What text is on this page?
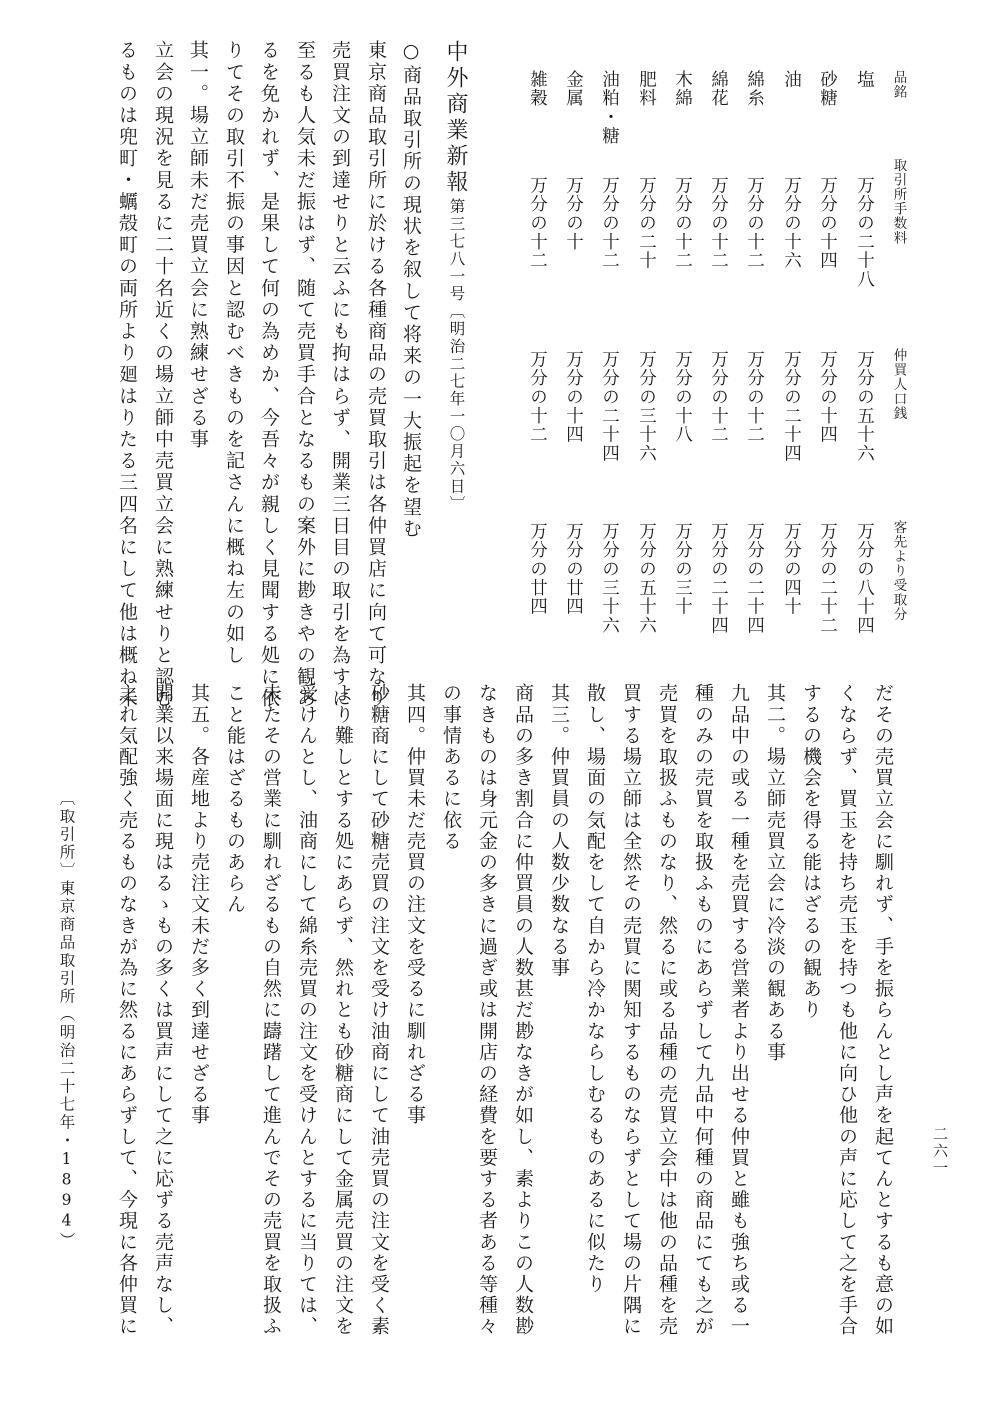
品銘
取引所手数料
仲買人口銭
客先より受取分
塩
万分の二十八
万分の五十六
万分の八十四
砂糖
万分の十四
万分の十四
万分の二十二
油
万分の十六
万分の二十四
万分の四十
綿糸
万分の十二
万分の十二
万分の二十四
綿花
万分の十二
万分の十二
万分の二十四
木綿
万分の十二
万分の十八
万分の三十
肥料
万分の二十
万分の三十六
万分の五十六
油粕・糖
万分の十二
万分の二十四
万分の三十六
金属
万分の十
万分の十四
万分の廿四
雑穀
万分の十二
万分の十二
万分の廿四
中外商業新報
第三七八一号〔明治二七年一〇月六日〕
○商品取引所の現状を叙して将来の一大振起を望む
東京商品取引所に於ける各種商品の売買取引は各仲買店に向て可なり
売買注文の到達せりと云ふにも拘はらず、開業三日目の取引を為すに
至るも人気未だ振はず、随て売買手合となるもの案外に尠きやの観あ
るを免かれず、是果して何の為めか、今吾々が親しく見聞する処に依
りてその取引不振の事因と認むべきものを記さんに概ね左の如し
其一。場立師未だ売買立会に熟練せざる事
立会の現況を見るに二十名近くの場立師中売買立会に熟練せりと認む
るものは兜町・蠣殻町の両所より廻はりたる三四名にして他は概ね未
〔取引所〕東京商品取引所（明治二十七年・1894）	だその売買立会に馴れず、手を振らんとし声を起てんとするも意の如
くならず、買玉を持ち売玉を持つも他に向ひ他の声に応して之を手合
するの機会を得る能はざるの観あり
其二。場立師売買立会に冷淡の観ある事
九品中の或る一種を売買する営業者より出せる仲買と雖も強ち或る一
種のみの売買を取扱ふものにあらずして九品中何種の商品にても之が
売買を取扱ふものなり、然るに或る品種の売買立会中は他の品種を売
買する場立師は全然その売買に関知するものならずとして場の片隅に
散し、場面の気配をして自から冷かならしむるものあるに似たり
其三。仲買員の人数少数なる事
商品の多き割合に仲買員の人数甚だ尠なきが如し、素よりこの人数尠
なきものは身元金の多きに過ぎ或は開店の経費を要する者ある等種々
の事情あるに依る
其四。仲買未だ売買の注文を受るに馴れざる事
砂糖商にして砂糖売買の注文を受け油商にして油売買の注文を受く素
より難しとする処にあらず、然れとも砂糖商にして金属売買の注文を
受けんとし、油商にして綿糸売買の注文を受けんとするに当りては、
未たその営業に馴れざるもの自然に躊躇して進んでその売買を取扱ふ
こと能はざるものあらん
其五。各産地より売注文未だ多く到達せざる事
開業以来場面に現はるゝもの多くは買声にして之に応ずる売声なし、
之れ気配強く売るものなきが為に然るにあらずして、今現に各仲買に	二六一
